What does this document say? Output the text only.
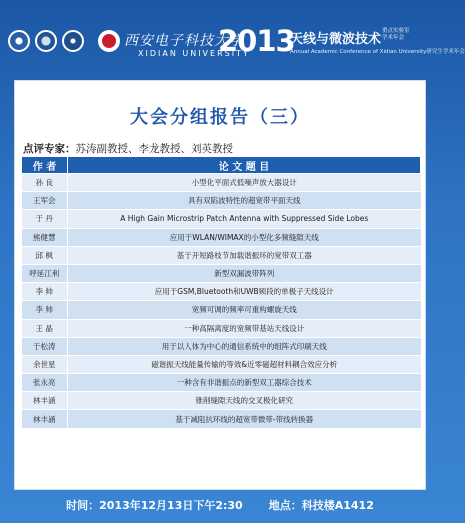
西安电子科技大学
XIDIAN UNIVERSITY
2013
天线与微波技术
重点实验室
学术年会
Annual Academic Conference of Xidian University研究生学术年会
大会分组报告（三）
点评专家：苏涛副教授、李龙教授、刘英教授
作 者	论 文 题 目
孙 良	小型化平面式低噪声放大器设计
王军会	具有双陷波特性的超宽带平面天线
于 丹	A High Gain Microstrip Patch Antenna with Suppressed Side Lobes
熊健慧	应用于WLAN/WIMAX的小型化多频缝隙天线
邱 枫	基于开短路枝节加载谐振环的宽带双工器
呼延江利	新型双漏波带阵列
李 帅	应用于GSM,Bluetooth和UWB频段的单极子天线设计
李 帅	宽频可调的频率可重构螺旋天线
王 晶	一种高隔离度的宽频带基站天线设计
于松涛	用于以人体为中心的通信系统中的组阵式印刷天线
余世星	磁谐振天线能量传输的等效&近零磁超材料耦合效应分析
张永亮	一种含有非谐振点的新型双工器综合技术
林丰涵	锥削缝隙天线的交叉极化研究
林丰涵	基于减阻抗环线的超宽带微带-带线转换器
时间：2013年12月13日下午2:30 地点：科技楼A1412
